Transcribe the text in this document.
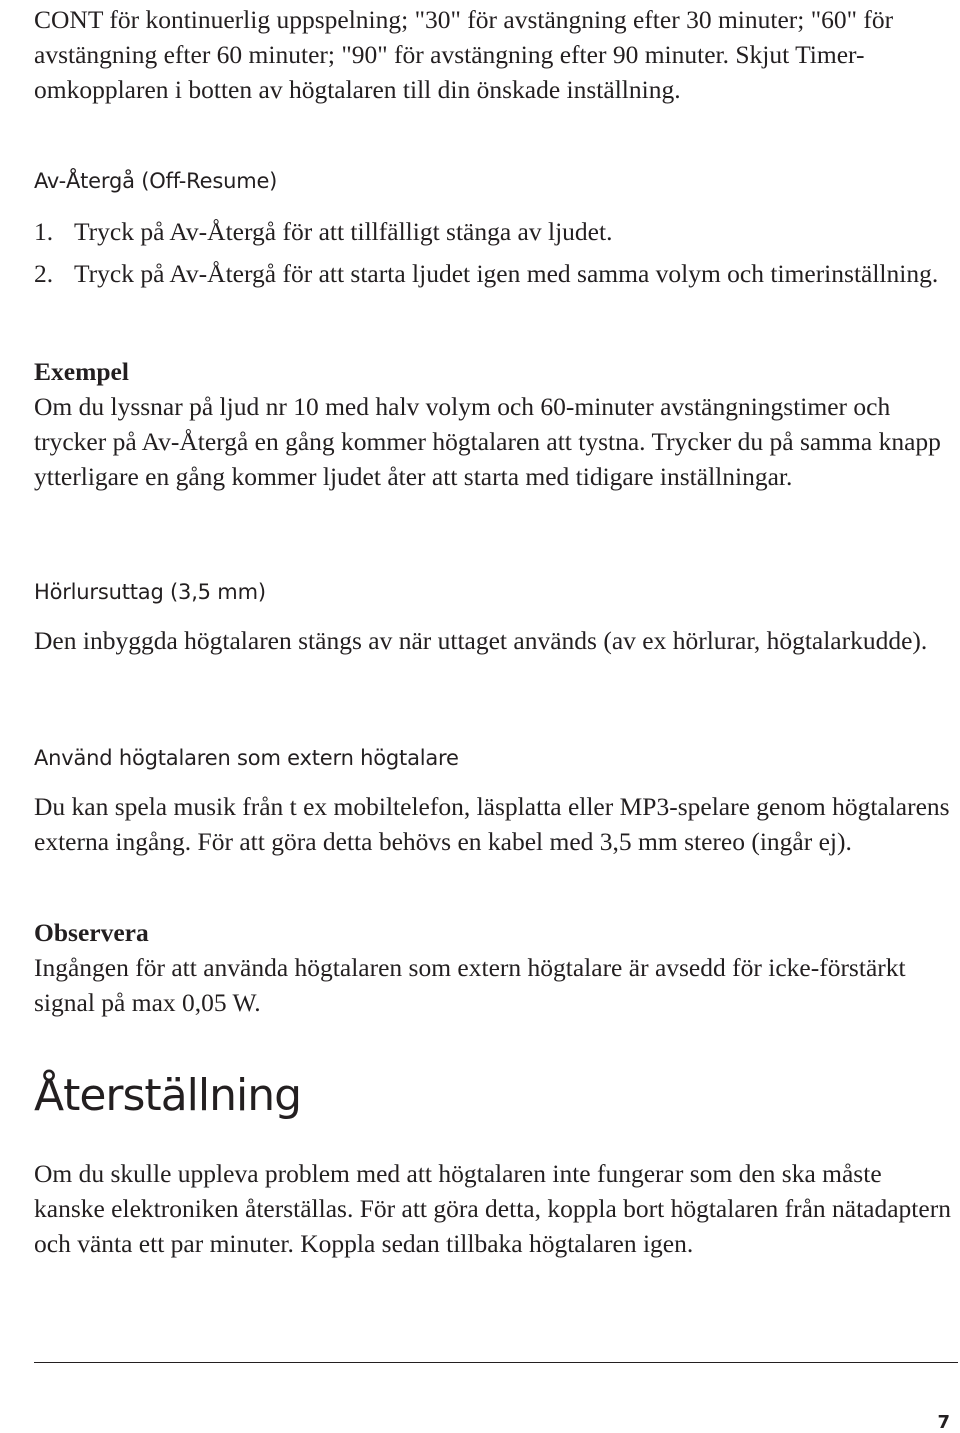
CONT för kontinuerlig uppspelning; "30" för avstängning efter 30 minuter; "60" för avstängning efter 60 minuter; "90" för avstängning efter 90 minuter. Skjut Timer-omkopplaren i botten av högtalaren till din önskade inställning.

Av-Återgå (Off-Resume)
1. Tryck på Av-Återgå för att tillfälligt stänga av ljudet.
2. Tryck på Av-Återgå för att starta ljudet igen med samma volym och timerinställning.

Exempel

Om du lyssnar på ljud nr 10 med halv volym och 60-minuter avstängningstimer och trycker på Av-Återgå en gång kommer högtalaren att tystna. Trycker du på samma knapp ytterligare en gång kommer ljudet åter att starta med tidigare inställningar.

Hörlursuttag (3,5 mm)

Den inbyggda högtalaren stängs av när uttaget används (av ex hörlurar, högtalarkudde).

Använd högtalaren som extern högtalare

Du kan spela musik från t ex mobiltelefon, läsplatta eller MP3-spelare genom högtalarens externa ingång. För att göra detta behövs en kabel med 3,5 mm stereo (ingår ej).

Observera

Ingången för att använda högtalaren som extern högtalare är avsedd för icke-förstärkt signal på max 0,05 W.

Återställning

Om du skulle uppleva problem med att högtalaren inte fungerar som den ska måste kanske elektroniken återställas. För att göra detta, koppla bort högtalaren från nätadaptern och vänta ett par minuter. Koppla sedan tillbaka högtalaren igen.

7
